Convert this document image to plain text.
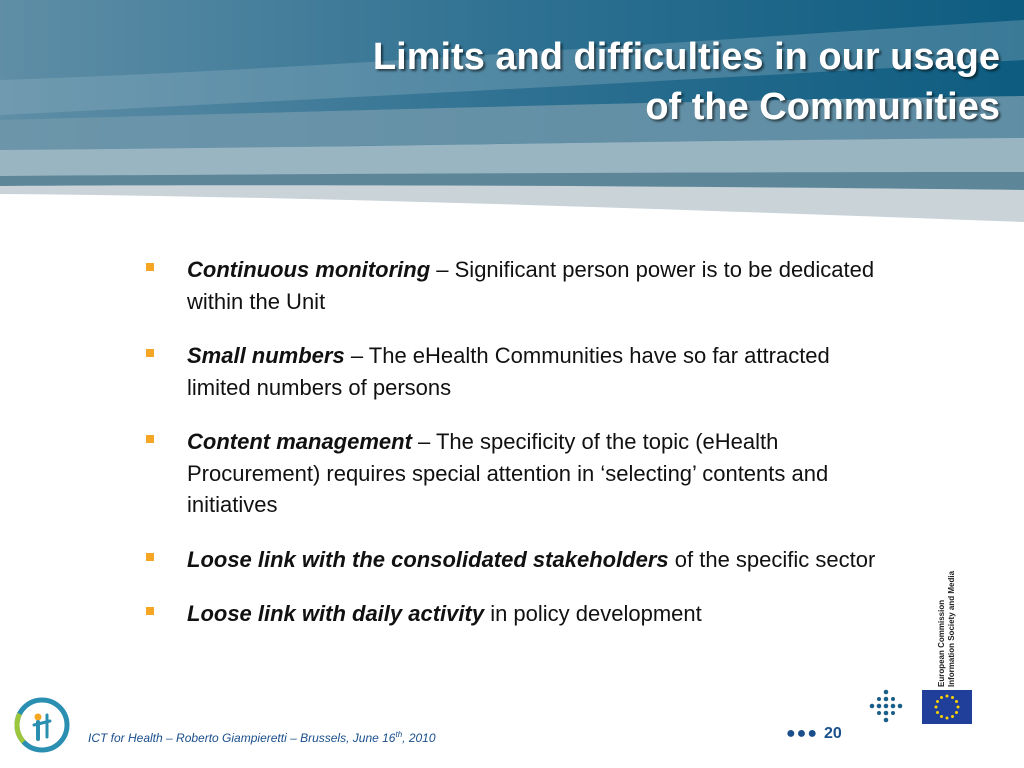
Limits and difficulties in our usage
of the Communities
Continuous monitoring – Significant person power is to be dedicated within the Unit
Small numbers – The eHealth Communities have so far attracted limited numbers of persons
Content management – The specificity of the topic (eHealth Procurement) requires special attention in ‘selecting’ contents and initiatives
Loose link with the consolidated stakeholders of the specific sector
Loose link with daily activity in policy development
ICT for Health – Roberto Giampieretti – Brussels, June 16th, 2010	●●● 20
European Commission Information Society and Media
